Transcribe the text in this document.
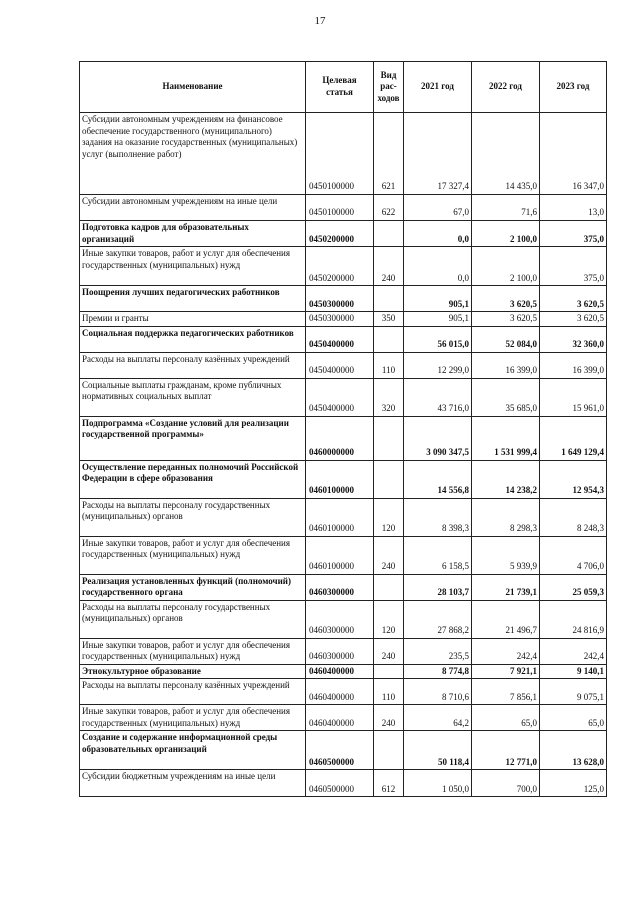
17
Наименование	Целевая статья	Вид рас-ходов	2021 год	2022 год	2023 год
Субсидии автономным учреждениям на финансовое обеспечение государственного (муниципального) задания на оказание государственных (муниципальных) услуг (выполнение работ)	0450100000	621	17 327,4	14 435,0	16 347,0
Субсидии автономным учреждениям на иные цели	0450100000	622	67,0	71,6	13,0
Подготовка кадров для образовательных организаций	0450200000		0,0	2 100,0	375,0
Иные закупки товаров, работ и услуг для обеспечения государственных (муниципальных) нужд	0450200000	240	0,0	2 100,0	375,0
Поощрения лучших педагогических работников	0450300000		905,1	3 620,5	3 620,5
Премии и гранты	0450300000	350	905,1	3 620,5	3 620,5
Социальная поддержка педагогических работников	0450400000		56 015,0	52 084,0	32 360,0
Расходы на выплаты персоналу казённых учреждений	0450400000	110	12 299,0	16 399,0	16 399,0
Социальные выплаты гражданам, кроме публичных нормативных социальных выплат	0450400000	320	43 716,0	35 685,0	15 961,0
Подпрограмма «Создание условий для реализации государственной программы»	0460000000		3 090 347,5	1 531 999,4	1 649 129,4
Осуществление переданных полномочий Российской Федерации в сфере образования	0460100000		14 556,8	14 238,2	12 954,3
Расходы на выплаты персоналу государственных (муниципальных) органов	0460100000	120	8 398,3	8 298,3	8 248,3
Иные закупки товаров, работ и услуг для обеспечения государственных (муниципальных) нужд	0460100000	240	6 158,5	5 939,9	4 706,0
Реализация установленных функций (полномочий) государственного органа	0460300000		28 103,7	21 739,1	25 059,3
Расходы на выплаты персоналу государственных (муниципальных) органов	0460300000	120	27 868,2	21 496,7	24 816,9
Иные закупки товаров, работ и услуг для обеспечения государственных (муниципальных) нужд	0460300000	240	235,5	242,4	242,4
Этнокультурное образование	0460400000		8 774,8	7 921,1	9 140,1
Расходы на выплаты персоналу казённых учреждений	0460400000	110	8 710,6	7 856,1	9 075,1
Иные закупки товаров, работ и услуг для обеспечения государственных (муниципальных) нужд	0460400000	240	64,2	65,0	65,0
Создание и содержание информационной среды образовательных организаций	0460500000		50 118,4	12 771,0	13 628,0
Субсидии бюджетным учреждениям на иные цели	0460500000	612	1 050,0	700,0	125,0
